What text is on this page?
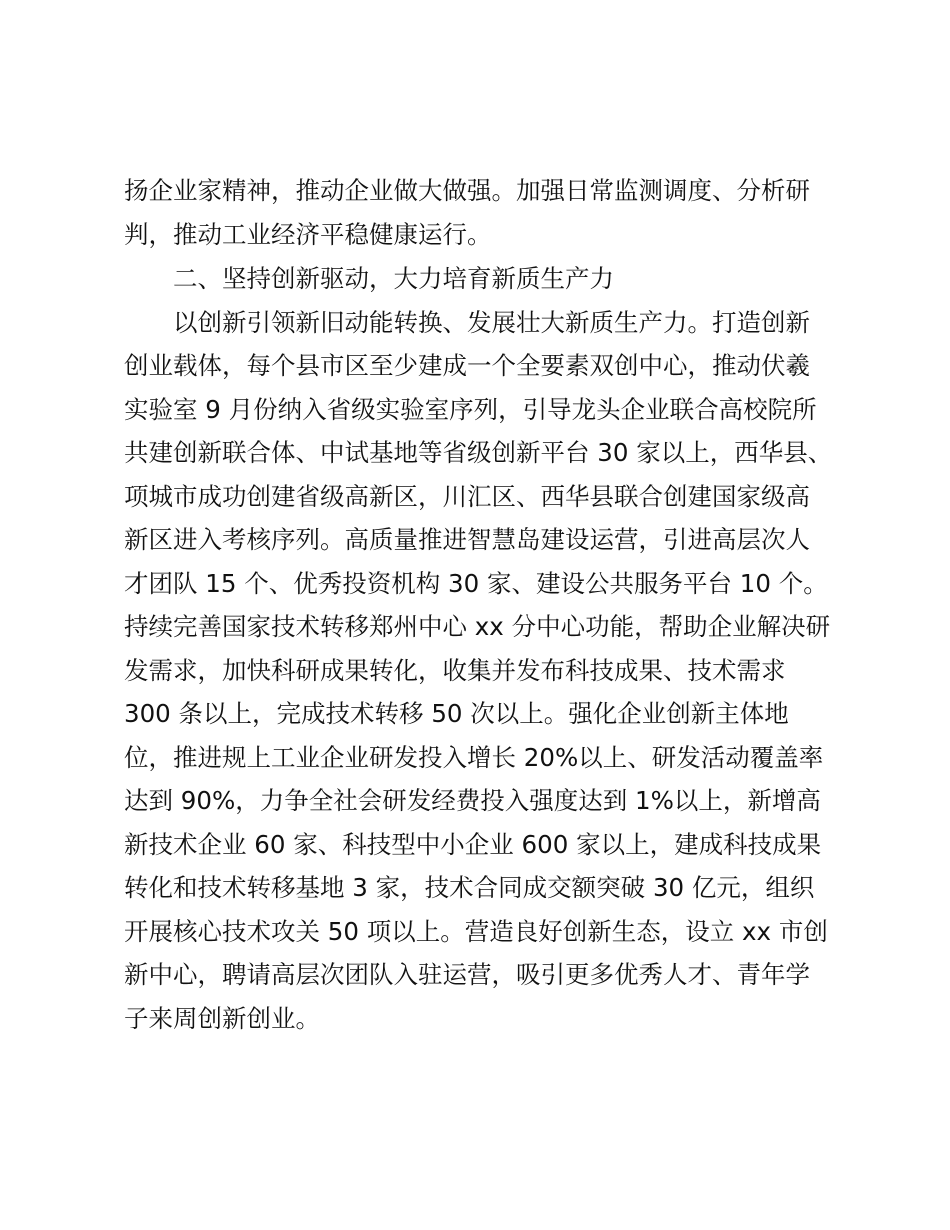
扬企业家精神，推动企业做大做强。加强日常监测调度、分析研
判，推动工业经济平稳健康运行。
二、坚持创新驱动，大力培育新质生产力
以创新引领新旧动能转换、发展壮大新质生产力。打造创新
创业载体，每个县市区至少建成一个全要素双创中心，推动伏羲
实验室 9 月份纳入省级实验室序列，引导龙头企业联合高校院所
共建创新联合体、中试基地等省级创新平台 30 家以上，西华县、
项城市成功创建省级高新区，川汇区、西华县联合创建国家级高
新区进入考核序列。高质量推进智慧岛建设运营，引进高层次人
才团队 15 个、优秀投资机构 30 家、建设公共服务平台 10 个。
持续完善国家技术转移郑州中心 xx 分中心功能，帮助企业解决研
发需求，加快科研成果转化，收集并发布科技成果、技术需求
300 条以上，完成技术转移 50 次以上。强化企业创新主体地
位，推进规上工业企业研发投入增长 20%以上、研发活动覆盖率
达到 90%，力争全社会研发经费投入强度达到 1%以上，新增高
新技术企业 60 家、科技型中小企业 600 家以上，建成科技成果
转化和技术转移基地 3 家，技术合同成交额突破 30 亿元，组织
开展核心技术攻关 50 项以上。营造良好创新生态，设立 xx 市创
新中心，聘请高层次团队入驻运营，吸引更多优秀人才、青年学
子来周创新创业。
